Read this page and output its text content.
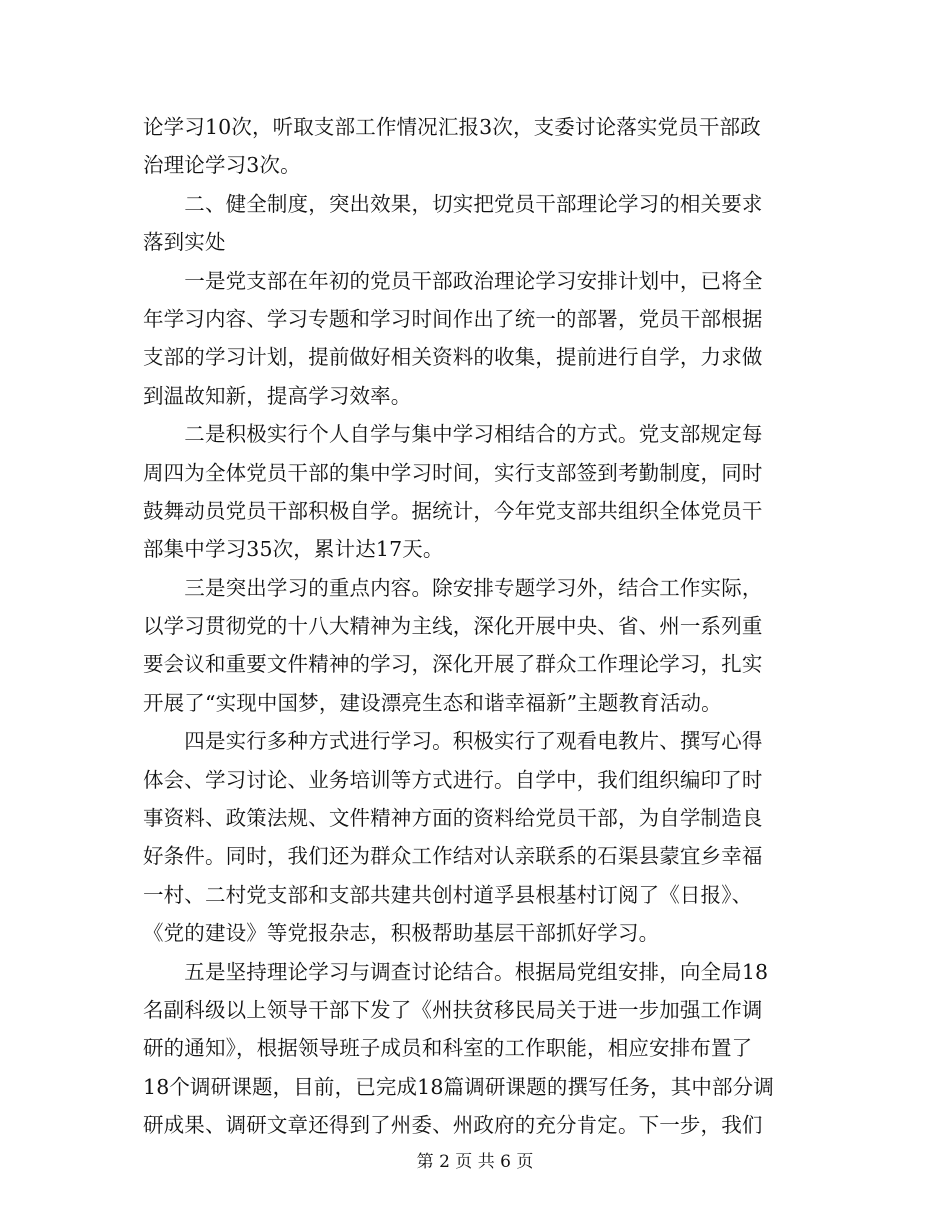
论学习10次，听取支部工作情况汇报3次，支委讨论落实党员干部政
治理论学习3次。
　　二、健全制度，突出效果，切实把党员干部理论学习的相关要求
落到实处
　　一是党支部在年初的党员干部政治理论学习安排计划中，已将全
年学习内容、学习专题和学习时间作出了统一的部署，党员干部根据
支部的学习计划，提前做好相关资料的收集，提前进行自学，力求做
到温故知新，提高学习效率。
　　二是积极实行个人自学与集中学习相结合的方式。党支部规定每
周四为全体党员干部的集中学习时间，实行支部签到考勤制度，同时
鼓舞动员党员干部积极自学。据统计，今年党支部共组织全体党员干
部集中学习35次，累计达17天。
　　三是突出学习的重点内容。除安排专题学习外，结合工作实际，
以学习贯彻党的十八大精神为主线，深化开展中央、省、州一系列重
要会议和重要文件精神的学习，深化开展了群众工作理论学习，扎实
开展了“实现中国梦，建设漂亮生态和谐幸福新”主题教育活动。
　　四是实行多种方式进行学习。积极实行了观看电教片、撰写心得
体会、学习讨论、业务培训等方式进行。自学中，我们组织编印了时
事资料、政策法规、文件精神方面的资料给党员干部，为自学制造良
好条件。同时，我们还为群众工作结对认亲联系的石渠县蒙宜乡幸福
一村、二村党支部和支部共建共创村道孚县根基村订阅了《日报》、
《党的建设》等党报杂志，积极帮助基层干部抓好学习。
　　五是坚持理论学习与调查讨论结合。根据局党组安排，向全局18
名副科级以上领导干部下发了《州扶贫移民局关于进一步加强工作调
研的通知》，根据领导班子成员和科室的工作职能，相应安排布置了
18个调研课题，目前，已完成18篇调研课题的撰写任务，其中部分调
研成果、调研文章还得到了州委、州政府的充分肯定。下一步，我们
第 2 页 共 6 页
